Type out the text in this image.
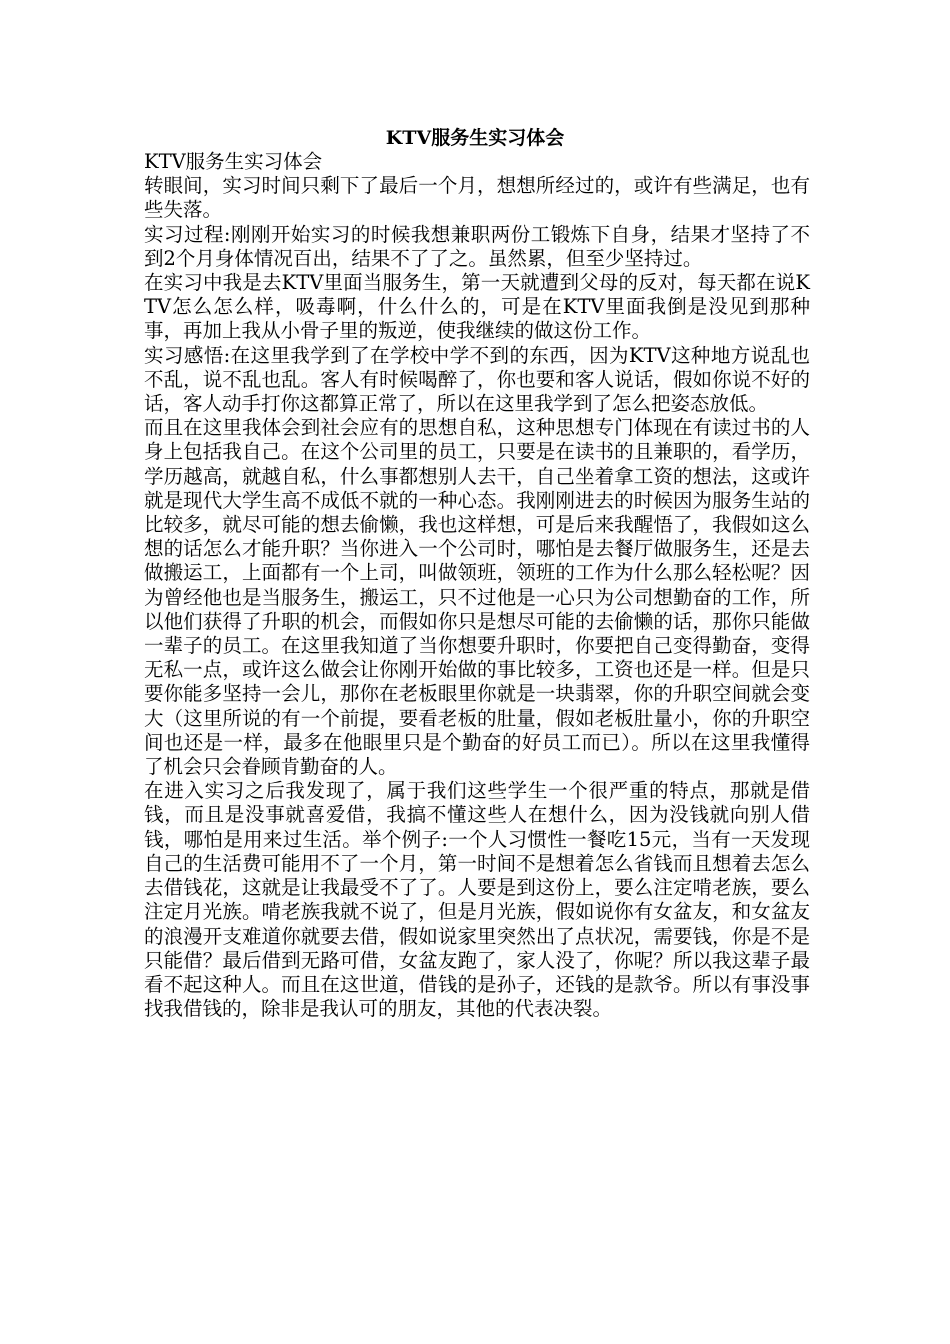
KTV服务生实习体会

KTV服务生实习体会

转眼间，实习时间只剩下了最后一个月，想想所经过的，或许有些满足，也有些失落。

实习过程:刚刚开始实习的时候我想兼职两份工锻炼下自身，结果才坚持了不到2个月身体情况百出，结果不了了之。虽然累，但至少坚持过。

在实习中我是去KTV里面当服务生，第一天就遭到父母的反对，每天都在说KTV怎么怎么样，吸毒啊，什么什么的，可是在KTV里面我倒是没见到那种事，再加上我从小骨子里的叛逆，使我继续的做这份工作。

实习感悟:在这里我学到了在学校中学不到的东西，因为KTV这种地方说乱也不乱，说不乱也乱。客人有时候喝醉了，你也要和客人说话，假如你说不好的话，客人动手打你这都算正常了，所以在这里我学到了怎么把姿态放低。

而且在这里我体会到社会应有的思想自私，这种思想专门体现在有读过书的人身上包括我自己。在这个公司里的员工，只要是在读书的且兼职的，看学历，学历越高，就越自私，什么事都想别人去干，自己坐着拿工资的想法，这或许就是现代大学生高不成低不就的一种心态。我刚刚进去的时候因为服务生站的比较多，就尽可能的想去偷懒，我也这样想，可是后来我醒悟了，我假如这么想的话怎么才能升职？当你进入一个公司时，哪怕是去餐厅做服务生，还是去做搬运工，上面都有一个上司，叫做领班，领班的工作为什么那么轻松呢？因为曾经他也是当服务生，搬运工，只不过他是一心只为公司想勤奋的工作，所以他们获得了升职的机会，而假如你只是想尽可能的去偷懒的话，那你只能做一辈子的员工。在这里我知道了当你想要升职时，你要把自己变得勤奋，变得无私一点，或许这么做会让你刚开始做的事比较多，工资也还是一样。但是只要你能多坚持一会儿，那你在老板眼里你就是一块翡翠，你的升职空间就会变大（这里所说的有一个前提，要看老板的肚量，假如老板肚量小，你的升职空间也还是一样，最多在他眼里只是个勤奋的好员工而已）。所以在这里我懂得了机会只会眷顾肯勤奋的人。

在进入实习之后我发现了，属于我们这些学生一个很严重的特点，那就是借钱，而且是没事就喜爱借，我搞不懂这些人在想什么，因为没钱就向别人借钱，哪怕是用来过生活。举个例子:一个人习惯性一餐吃15元，当有一天发现自己的生活费可能用不了一个月，第一时间不是想着怎么省钱而且想着去怎么去借钱花，这就是让我最受不了了。人要是到这份上，要么注定啃老族，要么注定月光族。啃老族我就不说了，但是月光族，假如说你有女盆友，和女盆友的浪漫开支难道你就要去借，假如说家里突然出了点状况，需要钱，你是不是只能借？最后借到无路可借，女盆友跑了，家人没了，你呢？所以我这辈子最看不起这种人。而且在这世道，借钱的是孙子，还钱的是款爷。所以有事没事找我借钱的，除非是我认可的朋友，其他的代表决裂。
